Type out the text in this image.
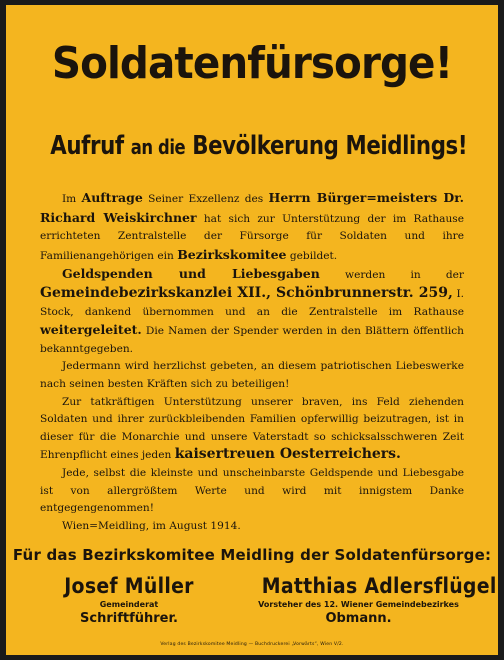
Soldatenfürsorge!
Aufruf an die Bevölkerung Meidlings!

Im Auftrage Seiner Exzellenz des Herrn Bürger=meisters Dr. Richard Weiskirchner hat sich zur Unterstützung der im Rathause errichteten Zentralstelle der Fürsorge für Soldaten und ihre Familienangehörigen ein Bezirkskomitee gebildet.

Geldspenden und Liebesgaben werden in der Gemeindebezirkskanzlei XII., Schönbrunnerstr. 259, I. Stock, dankend übernommen und an die Zentralstelle im Rathause weitergeleitet. Die Namen der Spender werden in den Blättern öffentlich bekanntgegeben.

Jedermann wird herzlichst gebeten, an diesem patriotischen Liebeswerke nach seinen besten Kräften sich zu beteiligen!

Zur tatkräftigen Unterstützung unserer braven, ins Feld ziehenden Soldaten und ihrer zurückbleibenden Familien opferwillig beizutragen, ist in dieser für die Monarchie und unsere Vaterstadt so schicksalsschweren Zeit Ehrenpflicht eines jeden kaisertreuen Oesterreichers.

Jede, selbst die kleinste und unscheinbarste Geldspende und Liebesgabe ist von allergrößtem Werte und wird mit innigstem Danke entgegengenommen!

Wien=Meidling, im August 1914.

Für das Bezirkskomitee Meidling der Soldatenfürsorge:
Josef Müller
Gemeinderat
Schriftführer.
Matthias Adlersflügel
Vorsteher des 12. Wiener Gemeindebezirkes
Obmann.
Verlag des Bezirkskomitee Meidling — Buchdruckerei „Vorwärts“, Wien V/2.
